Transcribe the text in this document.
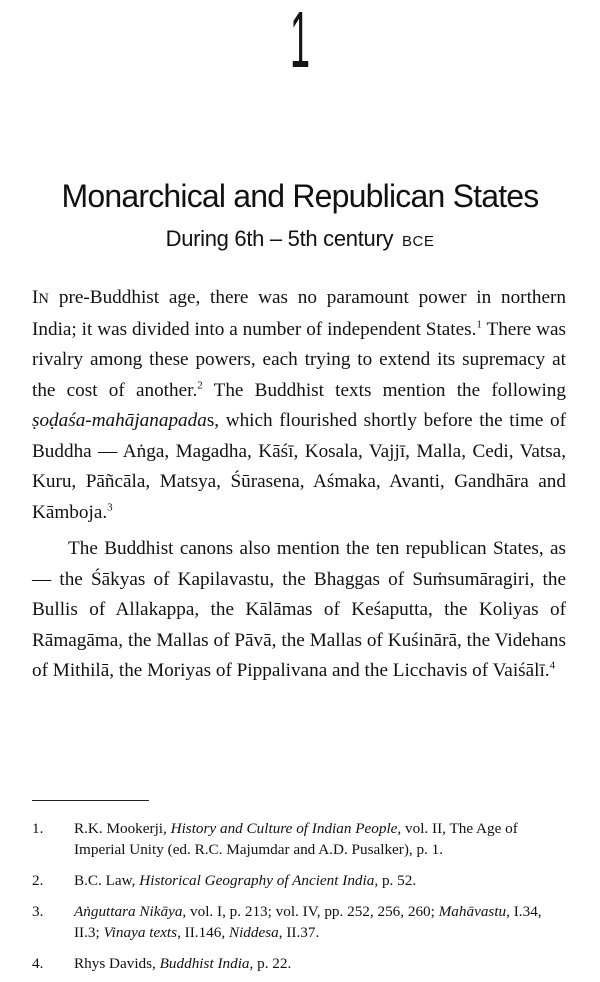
1
Monarchical and Republican States
During 6th – 5th century BCE

IN pre-Buddhist age, there was no paramount power in northern India; it was divided into a number of independent States.$^1$ There was rivalry among these powers, each trying to extend its supremacy at the cost of another.$^2$ The Buddhist texts mention the following ṣoḍaśa-mahājanapadas, which flourished shortly before the time of Buddha — Aṅga, Magadha, Kāśī, Kosala, Vajjī, Malla, Cedi, Vatsa, Kuru, Pāñcāla, Matsya, Śūrasena, Aśmaka, Avanti, Gandhāra and Kāmboja.$^3$

The Buddhist canons also mention the ten republican States, as — the Śākyas of Kapilavastu, the Bhaggas of Suṁsumāragiri, the Bullis of Allakappa, the Kālāmas of Keśaputta, the Koliyas of Rāmagāma, the Mallas of Pāvā, the Mallas of Kuśinārā, the Videhans of Mithilā, the Moriyas of Pippalivana and the Licchavis of Vaiśālī.$^4$

1.	R.K. Mookerji, History and Culture of Indian People, vol. II, The Age of Imperial Unity (ed. R.C. Majumdar and A.D. Pusalker), p. 1.
2.	B.C. Law, Historical Geography of Ancient India, p. 52.
3.	Aṅguttara Nikāya, vol. I, p. 213; vol. IV, pp. 252, 256, 260; Mahāvastu, I.34, II.3; Vinaya texts, II.146, Niddesa, II.37.
4.	Rhys Davids, Buddhist India, p. 22.
